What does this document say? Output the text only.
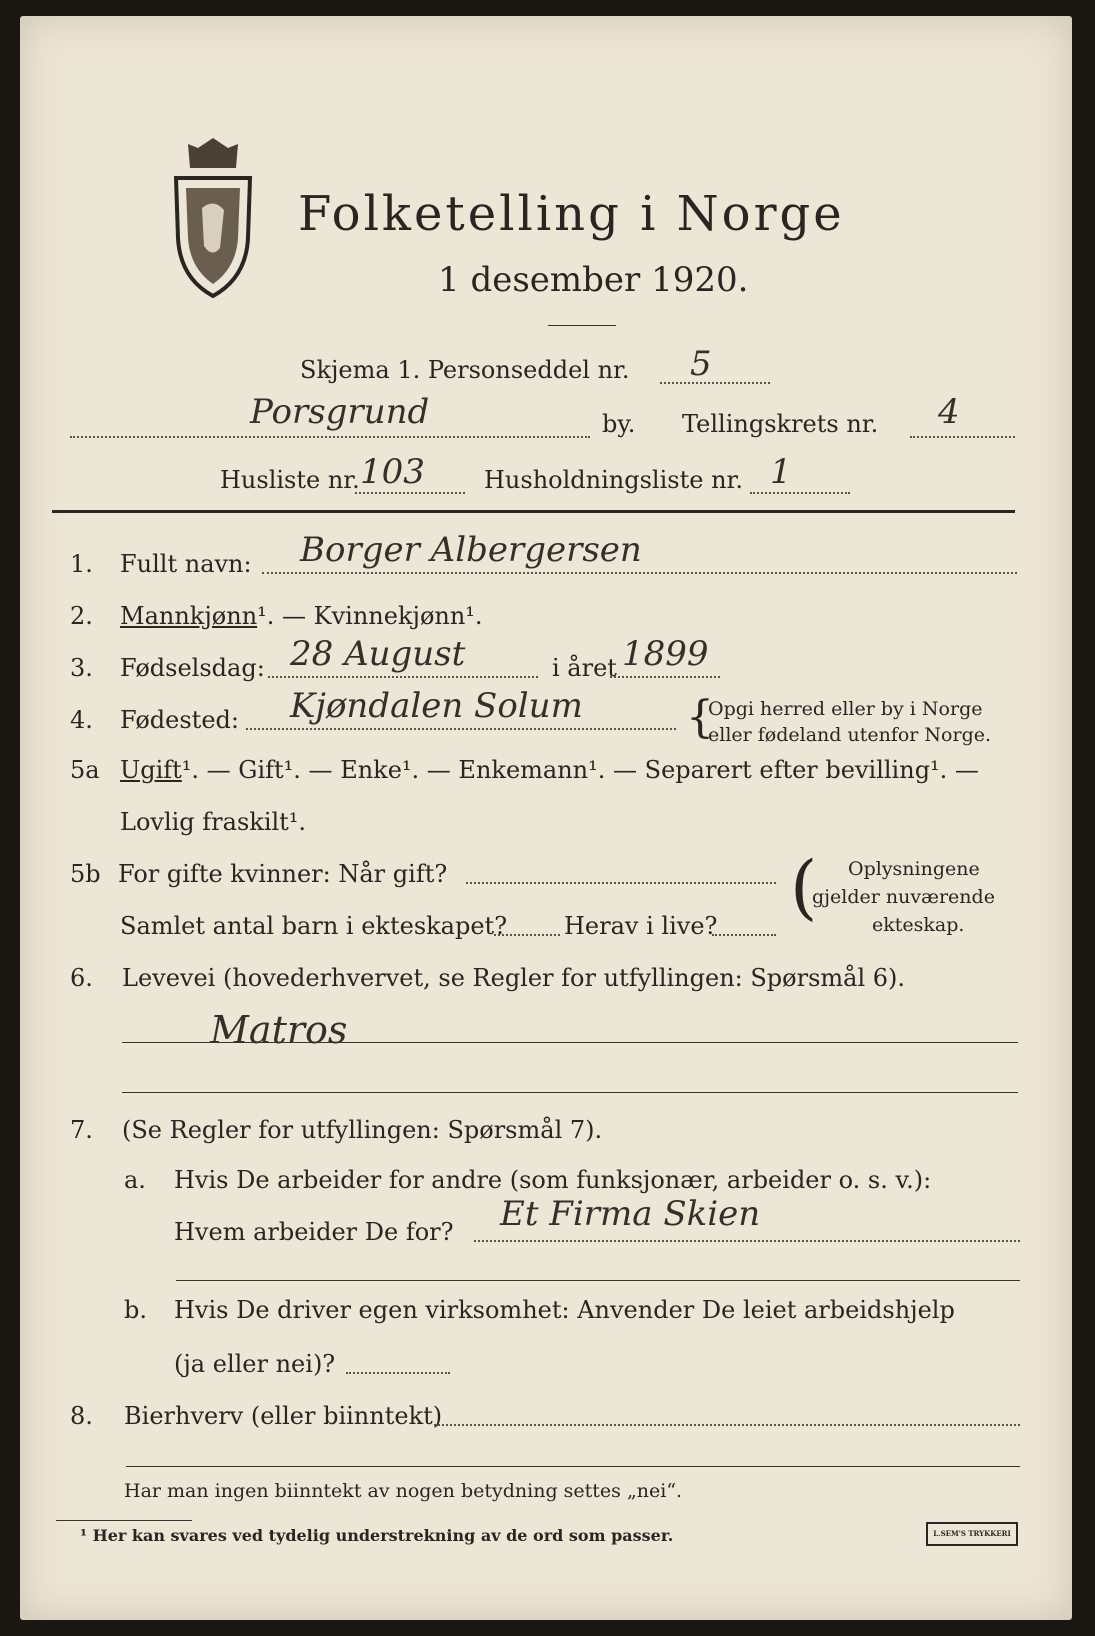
Folketelling i Norge
1 desember 1920.
Skjema 1. Personseddel nr. 5
Porsgrund	by. Tellingskrets nr. 4
Husliste nr. 103 Husholdningsliste nr. 1
1. Fullt navn: Borger Albergersen
2. Mannkjønn¹. — Kvinnekjønn¹.
3. Fødselsdag: 28 August	i året 1899
4. Fødested: Kjøndalen Solum {
Opgi herred eller by i Norge
eller fødeland utenfor Norge.
5a Ugift¹. — Gift¹. — Enke¹. — Enkemann¹. — Separert efter bevilling¹. —
Lovlig fraskilt¹.
5b For gifte kvinner: Når gift?
Samlet antal barn i ekteskapet? Herav i live? ( Oplysningene
gjelder nuværende
ekteskap.
6. Levevei (hovederhvervet, se Regler for utfyllingen: Spørsmål 6).
Matros
7. (Se Regler for utfyllingen: Spørsmål 7).
a. Hvis De arbeider for andre (som funksjonær, arbeider o. s. v.):
Hvem arbeider De for? Et Firma Skien
b. Hvis De driver egen virksomhet: Anvender De leiet arbeidshjelp
(ja eller nei)?
8. Bierhverv (eller biinntekt)
Har man ingen biinntekt av nogen betydning settes „nei“.
¹ Her kan svares ved tydelig understrekning av de ord som passer.	L.SEM'S TRYKKERI
